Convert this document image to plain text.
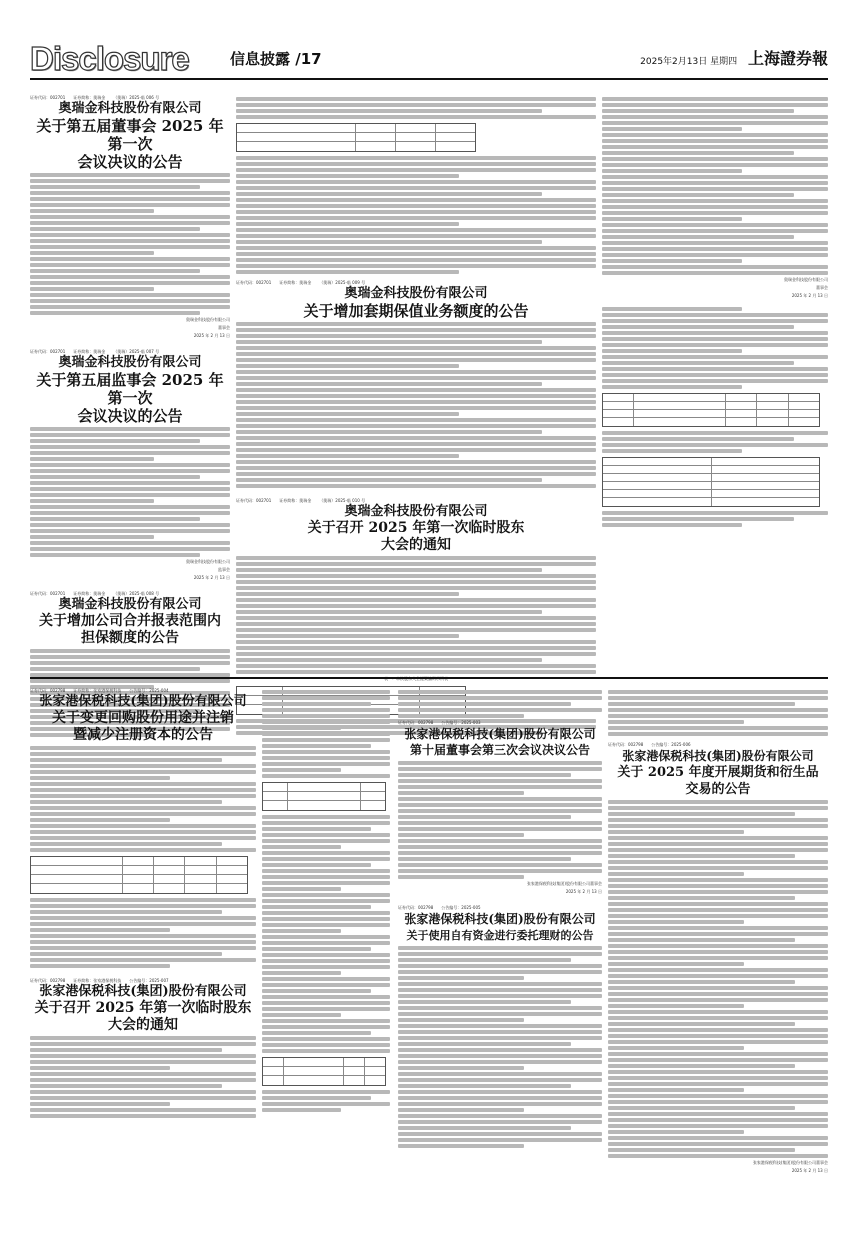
Disclosure	信息披露 /17	2025年2月13日 星期四 上海證券報
证券代码：002701 证券简称：奥瑞金 （奥瑞）2025-临 006 号
奥瑞金科技股份有限公司
关于第五届董事会 2025 年第一次
会议决议的公告
奥瑞金科技股份有限公司
董事会
2025 年 2 月 13 日
证券代码：002701 证券简称：奥瑞金 （奥瑞）2025-临 007 号
奥瑞金科技股份有限公司
关于第五届监事会 2025 年第一次
会议决议的公告
奥瑞金科技股份有限公司
监事会
2025 年 2 月 13 日
证券代码：002701 证券简称：奥瑞金 （奥瑞）2025-临 008 号
奥瑞金科技股份有限公司
关于增加公司合并报表范围内
担保额度的公告
证券代码：002701 证券简称：奥瑞金 （奥瑞）2025-临 009 号
奥瑞金科技股份有限公司
关于增加套期保值业务额度的公告
证券代码：002701 证券简称：奥瑞金 （奥瑞）2025-临 010 号
奥瑞金科技股份有限公司
关于召开 2025 年第一次临时股东
大会的通知
奥瑞金科技股份有限公司
董事会
2025 年 2 月 13 日
证券代码：002798 证券简称：张家港保税科技 公告编号：2025-004
张家港保税科技(集团)股份有限公司
关于变更回购股份用途并注销
暨减少注册资本的公告
证券代码：002798 证券简称：张家港保税科技 公告编号：2025-007
张家港保税科技(集团)股份有限公司
关于召开 2025 年第一次临时股东
大会的通知
证券代码：002798 公告编号：2025-003
张家港保税科技(集团)股份有限公司
第十届董事会第三次会议决议公告
张家港保税科技(集团)股份有限公司董事会
2025 年 2 月 13 日
证券代码：002798 公告编号：2025-005
张家港保税科技(集团)股份有限公司
关于使用自有资金进行委托理财的公告
证券代码：002798 公告编号：2025-006
张家港保税科技(集团)股份有限公司
关于 2025 年度开展期货和衍生品
交易的公告
张家港保税科技(集团)股份有限公司董事会
2025 年 2 月 13 日
